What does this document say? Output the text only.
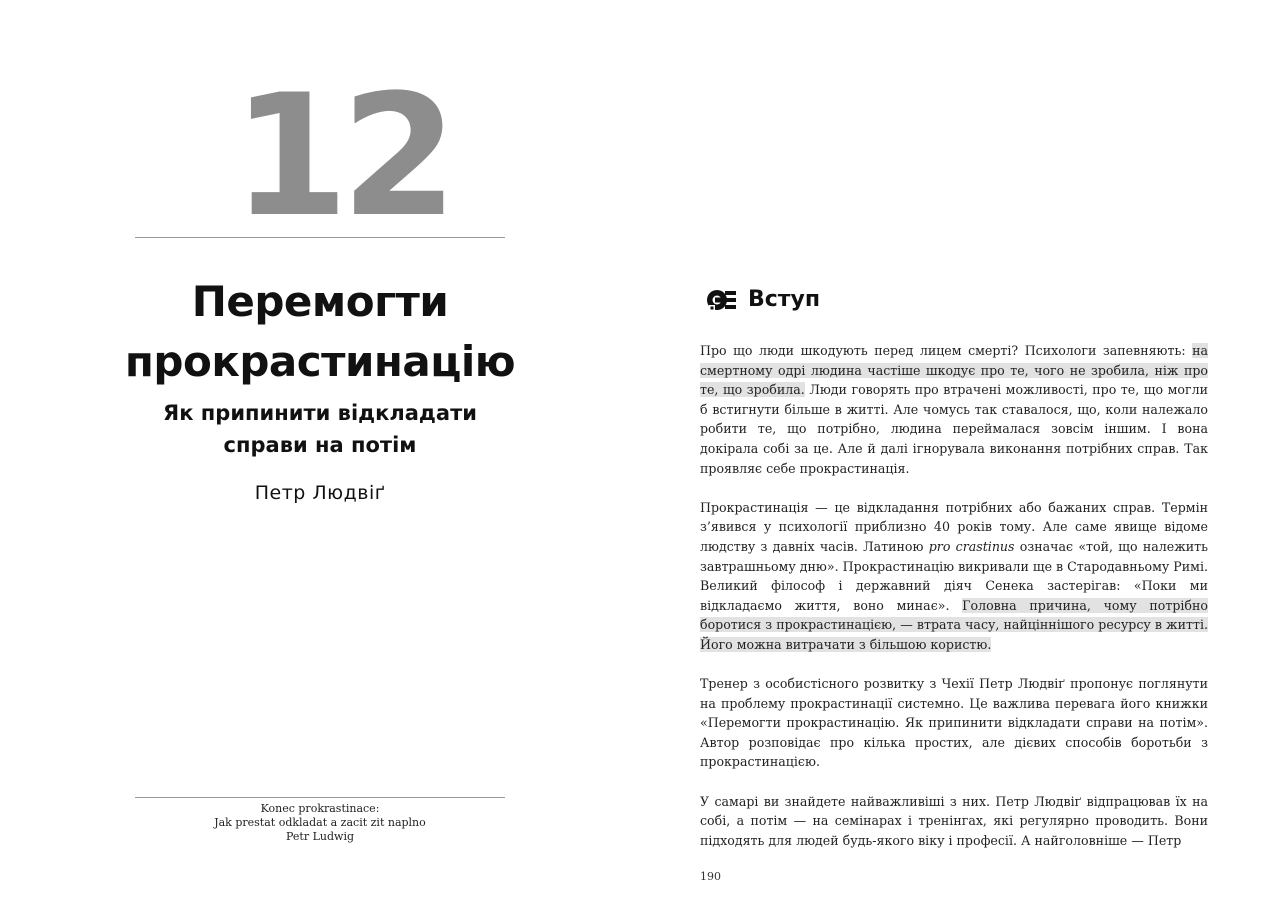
12
Перемогти
прокрастинацію
Як припинити відкладати
справи на потім
Петр Людвіґ
Konec prokrastinace:
Jak prestat odkladat a zacit zit naplno
Petr Ludwig
Вступ

Про що люди шкодують перед лицем смерті? Психологи запевняють: на смертному одрі людина частіше шкодує про те, чого не зробила, ніж про те, що зробила. Люди говорять про втрачені можливості, про те, що могли б встигнути більше в житті. Але чомусь так ставалося, що, коли належало робити те, що потрібно, людина переймалася зовсім іншим. І вона докірала собі за це. Але й далі ігнорувала виконання потрібних справ. Так проявляє себе прокрастинація.

Прокрастинація — це відкладання потрібних або бажаних справ. Термін з’явився у психології приблизно 40 років тому. Але саме явище відоме людству з давніх часів. Латиною pro crastinus означає «той, що належить завтрашньому дню». Прокрастинацію викривали ще в Стародавньому Римі. Великий філософ і державний діяч Сенека застерігав: «Поки ми відкладаємо життя, воно минає». Головна причина, чому потрібно боротися з прокрастинацією, — втрата часу, найціннішого ресурсу в житті. Його можна витрачати з більшою користю.

Тренер з особистісного розвитку з Чехії Петр Людвіґ пропонує поглянути на проблему прокрастинації системно. Це важлива перевага його книжки «Перемогти прокрастинацію. Як припинити відкладати справи на потім». Автор розповідає про кілька простих, але дієвих способів боротьби з прокрастинацією.

У самарі ви знайдете найважливіші з них. Петр Людвіґ відпрацював їх на собі, а потім — на семінарах і тренінгах, які регулярно проводить. Вони підходять для людей будь-якого віку і професії. А найголовніше — Петр

190
